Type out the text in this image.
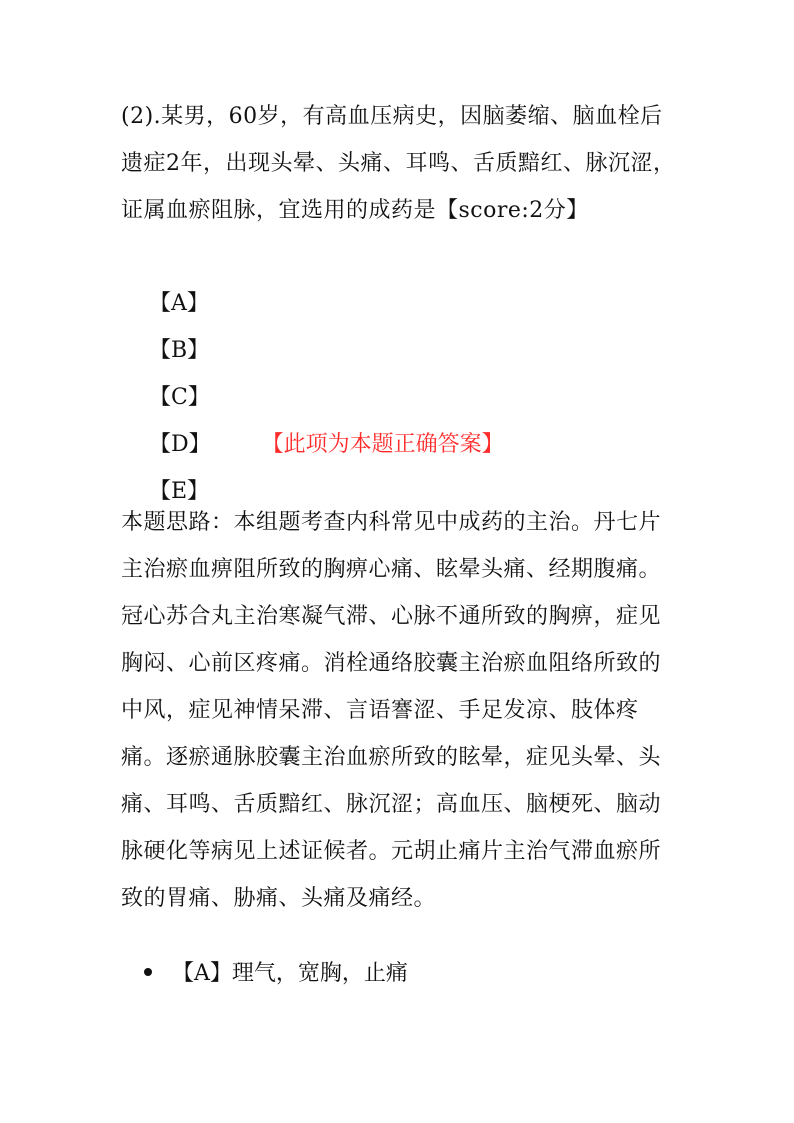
(2).某男，60岁，有高血压病史，因脑萎缩、脑血栓后遗症2年，出现头晕、头痛、耳鸣、舌质黯红、脉沉涩，证属血瘀阻脉，宜选用的成药是【score:2分】
【A】
【B】
【C】
【D】 【此项为本题正确答案】
【E】
本题思路：本组题考查内科常见中成药的主治。丹七片主治瘀血痹阻所致的胸痹心痛、眩晕头痛、经期腹痛。冠心苏合丸主治寒凝气滞、心脉不通所致的胸痹，症见胸闷、心前区疼痛。消栓通络胶囊主治瘀血阻络所致的中风，症见神情呆滞、言语謇涩、手足发凉、肢体疼痛。逐瘀通脉胶囊主治血瘀所致的眩晕，症见头晕、头痛、耳鸣、舌质黯红、脉沉涩；高血压、脑梗死、脑动脉硬化等病见上述证候者。元胡止痛片主治气滞血瘀所致的胃痛、胁痛、头痛及痛经。
【A】理气，宽胸，止痛
